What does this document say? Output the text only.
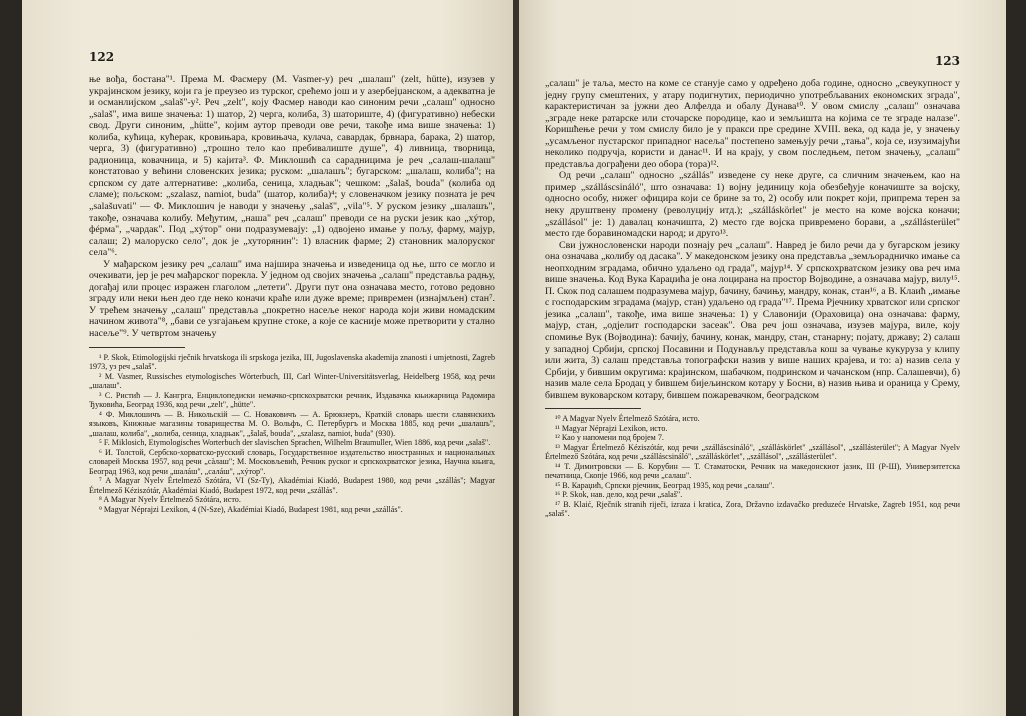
122

ње вођа, бостана"¹. Према М. Фасмеру (M. Vasmer-у) реч „шалаш" (zelt, hütte), изузев у украјинском језику, који га је преузео из турског, срећемо још и у азербејџанском, а адекватна је и османлијском „salaš"-у². Реч „zelt", коју Фасмер наводи као синоним речи „салаш" односно „salaš", има више значења: 1) шатор, 2) черга, колиба, 3) шаториште, 4) (фигуративно) небески свод. Други синоним, „hütte", којим аутор преводи ове речи, такође има више значења: 1) колиба, кућица, кућерак, кровињара, кровињача, кулача, савардак, брвнара, барака, 2) шатор, черга, 3) (фигуративно) „трошно тело као пребивалиште душе", 4) ливница, творница, радионица, ковачница, и 5) кајита³. Ф. Миклошић са сарадницима је реч „салаш-шалаш" констатовао у већини словенских језика; руском: „шалашъ"; бугарском: „шалаш, колиба"; на српском су дате алтернативе: „колиба, сеница, хладњак"; чешком: „šalaš, bouda" (колиба од сламе); пољском: „szalasz, namiot, buda" (шатор, колиба)⁴; у словеначком језику позната је реч „salašuvati" — Ф. Миклошич је наводи у значењу „salaš", „vila"⁵. У руском језику „шалашъ", такође, означава колибу. Међутим, „наша" реч „салаш" преводи се на руски језик као „хýтор, фéрма", „чардак". Под „хýтор" они подразумевају: „1) одвојено имање у пољу, фарму, мајур, салаш; 2) малоруско село", док је „хуторянин": 1) власник фарме; 2) становник малоруског села"⁶.

У мађарском језику реч „салаш" има најшира значења и изведеница од ње, што се могло и очекивати, јер је реч мађарског порекла. У једном од својих значења „салаш" представља радњу, догађај или процес изражен глаголом „летети". Други пут она означава место, готово редовно зграду или неки њен део где неко коначи краће или дуже време; привремен (изнајмљен) стан⁷. У трећем значењу „салаш" представља „покретно насеље неког народа који живи номадским начином живота"⁸, „бави се узгајањем крупне стоке, а које се касније може претворити у стално насеље"⁹. У четвртом значењу

¹ P. Skok, Etimologijski rječnik hrvatskoga ili srpskoga jezika, III, Jugoslavenska akademija znanosti i umjetnosti, Zagreb 1973, уз реч „salaš".

² M. Vasmer, Russisches etymologisches Wörterbuch, III, Carl Winter-Universitätsverlag, Heidelberg 1958, код речи „шалаш".

³ С. Ристић — Ј. Кангрга, Енциклопедиски немачко-српскохрватски речник, Издавачка књижарница Радомира Ђуковића, Београд 1936, код речи „zelt", „hütte".

⁴ Ф. Миклошичъ — В. Никольскiй — С. Новаковичъ — А. Брюкнеръ, Краткiй словарь шести славянскихъ языковъ, Книжные магазины товарищества М. О. Вольфъ, С. Петербургъ и Москва 1885, код речи „шалашъ", „шалаш, колиба", „колиба, сеница, хладњак", „šalaš, bouda", „szalasz, namiot, buda" (930).

⁵ F. Miklosich, Etymologisches Worterbuch der slavischen Sprachen, Wilhelm Braumuller, Wien 1886, код речи „salaš".

⁶ И. Толстой, Сербско-хорватско-русский словарь, Государственное издательство иностранных и национальных словарей Москва 1957, код речи „сàлаш"; М. Московљевић, Речник руског и српскохрватског језика, Научна књига, Београд 1963, код речи „шалáш", „салáш", „хýтор".

⁷ A Magyar Nyelv Értelmező Szótára, VI (Sz-Ty), Akadémiai Kiadó, Budapest 1980, код речи „szállás"; Magyar Értelmező Kéziszótár, Akadémiai Kiadó, Budapest 1972, код речи „szállás".

⁸ A Magyar Nyelv Értelmező Szótára, исто.

⁹ Magyar Néprajzi Lexikon, 4 (N-Sze), Akadémiai Kiadó, Budapest 1981, код речи „szállás".

123

„салаш" је таља, место на коме се станује само у одређено доба године, односно „свеукупност у једну групу смештених, у атару подигнутих, периодично употребљаваних економских зграда", карактеристичан за јужни део Алфелда и обалу Дунава¹⁰. У овом смислу „салаш" означава „зграде неке ратарске или сточарске породице, као и земљишта на којима се те зграде налазе". Коришћење речи у том смислу било је у пракси пре средине XVIII. века, од када је, у значењу „усамљеног пустарског припадног насеља" постепено замењују речи „тања", која се, изузимајући неколико подручја, користи и данас¹¹. И на крају, у свом последњем, петом значењу, „салаш" представља дограђени део обора (тора)¹².

Од речи „салаш" односно „szállás" изведене су неке друге, са сличним значењем, као на пример „szálláscsináló", што означава: 1) војну јединицу која обезбеђује коначиште за војску, односно особу, нижег официра који се брине за то, 2) особу или покрет који, припрема терен за неку друштвену промену (револуцију итд.); „szálláskörlet" је место на коме војска коначи; „szállásol" је: 1) давалац коначишта, 2) место где војска привремено борави, а „szállásterület" место где боравиномадски народ; и друго¹³.

Сви јужнословенски народи познају реч „салаш". Навред је било речи да у бугарском језику она означава „колибу од дасака". У македонском језику она представља „земљорадничко имање са неопходним зградама, обично удаљено од града", мајур¹⁴. У српскохрватском језику ова реч има више значења. Код Вука Караџића је она лоцирана на простор Војводине, а означава мајур, вилу¹⁵. П. Скок под салашем подразумева мајур, бачину, бачињу, мандру, конак, стан¹⁶, а В. Клаић „имање с господарским зградама (мајур, стан) удаљено од града"¹⁷. Према Рјечнику хрватског или српског језика „салаш", такође, има више значења: 1) у Славонији (Ораховица) она означава: фарму, мајур, стан, „одјелит господарски засеак". Ова реч још означава, изузев мајура, виле, коју спомиње Вук (Војводина): бачију, бачину, конак, мандру, стан, станарну; појату, државу; 2) салаш у западној Србији, српској Посавини и Подунављу представља кош за чување кукуруза у клипу или жита, 3) салаш представља топографски назив у више наших крајева, и то: а) назив села у Србији, у бившим округима: крајинском, шабачком, подринском и чачанском (нпр. Салашевчи), б) назив мале села Бродац у бившем бијељинском котару у Босни, в) назив њива и ораница у Срему, бившем вуковарском котару, бившем пожаревачком, београдском

¹⁰ A Magyar Nyelv Értelmező Szótára, исто.

¹¹ Magyar Néprajzi Lexikon, исто.

¹² Као у напомени под бројем 7.

¹³ Magyar Értelmező Kéziszótár, код речи „szálláscsináló", „szálláskörlet" „szállásol", „szállásterület"; A Magyar Nyelv Értelmező Szótára, код речи „szálláscsináló", „szálláskörlet", „szállásol", „szállásterület".

¹⁴ Т. Димитровски — Б. Корубин — Т. Стаматоски, Речник на македонскиот јазик, III (Р-Ш), Универзитетска печатница, Скопје 1966, код речи „салаш".

¹⁵ В. Караџић, Српски рјечник, Београд 1935, код речи „салаш".

¹⁶ P. Skok, нав. дело, код речи „salaš".

¹⁷ B. Klaić, Rječnik stranih riječi, izraza i kratica, Zora, Državno izdavačko preduzeće Hrvatske, Zagreb 1951, код речи „salaš".
